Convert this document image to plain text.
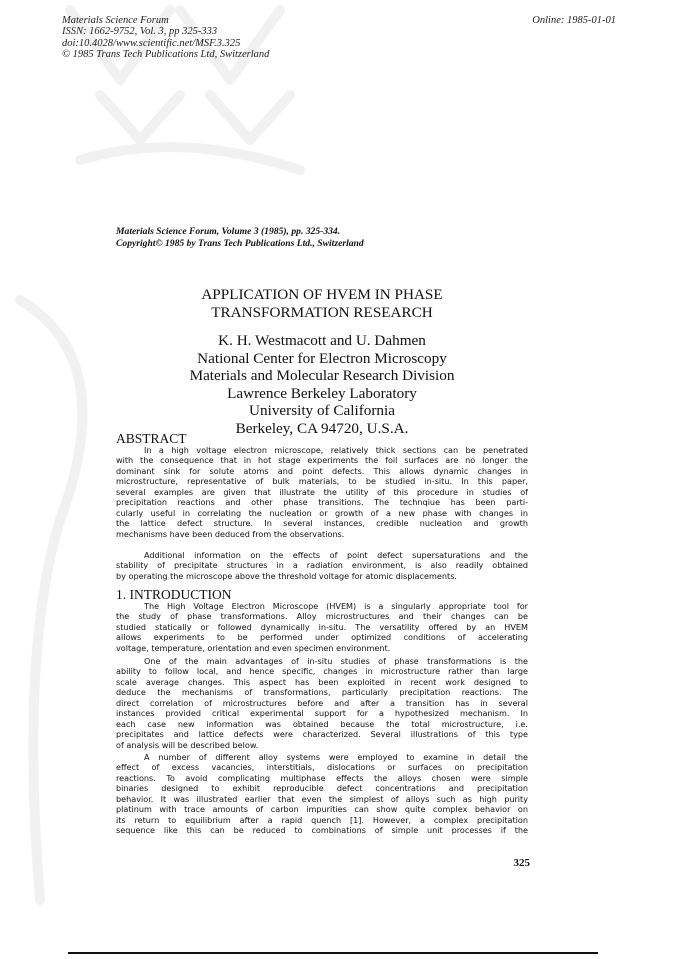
Materials Science Forum
ISSN: 1662-9752, Vol. 3, pp 325-333
doi:10.4028/www.scientific.net/MSF.3.325
© 1985 Trans Tech Publications Ltd, Switzerland
Online: 1985-01-01
Materials Science Forum, Volume 3 (1985), pp. 325-334.
Copyright© 1985 by Trans Tech Publications Ltd., Switzerland
APPLICATION OF HVEM IN PHASE
TRANSFORMATION RESEARCH
K. H. Westmacott and U. Dahmen
National Center for Electron Microscopy
Materials and Molecular Research Division
Lawrence Berkeley Laboratory
University of California
Berkeley, CA 94720, U.S.A.
ABSTRACT
In a high voltage electron microscope, relatively thick sections can be penetrated
with the consequence that in hot stage experiments the foil surfaces are no longer the
dominant sink for solute atoms and point defects. This allows dynamic changes in
microstructure, representative of bulk materials, to be studied in-situ. In this paper,
several examples are given that illustrate the utility of this procedure in studies of
precipitation reactions and other phase transitions. The technqiue has been parti-
cularly useful in correlating the nucleation or growth of a new phase with changes in
the lattice defect structure. In several instances, credible nucleation and growth
mechanisms have been deduced from the observations.
Additional information on the effects of point defect supersaturations and the
stability of precipitate structures in a radiation environment, is also readily obtained
by operating the microscope above the threshold voltage for atomic displacements.
1. INTRODUCTION
The High Voltage Electron Microscope (HVEM) is a singularly appropriate tool for
the study of phase transformations. Alloy microstructures and their changes can be
studied statically or followed dynamically in-situ. The versatility offered by an HVEM
allows experiments to be performed under optimized conditions of accelerating
voltage, temperature, orientation and even specimen environment.
One of the main advantages of in-situ studies of phase transformations is the
ability to follow local, and hence specific, changes in microstructure rather than large
scale average changes. This aspect has been exploited in recent work designed to
deduce the mechanisms of transformations, particularly precipitation reactions. The
direct correlation of microstructures before and after a transition has in several
instances provided critical experimental support for a hypothesized mechanism. In
each case new information was obtained because the total microstructure, i.e.
precipitates and lattice defects were characterized. Several illustrations of this type
of analysis will be described below.
A number of different alloy systems were employed to examine in detail the
effect of excess vacancies, interstitials, dislocations or surfaces on precipitation
reactions. To avoid complicating multiphase effects the alloys chosen were simple
binaries designed to exhibit reproducible defect concentrations and precipitation
behavior. It was illustrated earlier that even the simplest of alloys such as high purity
platinum with trace amounts of carbon impurities can show quite complex behavior on
its return to equilibrium after a rapid quench [1]. However, a complex precipitation
sequence like this can be reduced to combinations of simple unit processes if the
325
